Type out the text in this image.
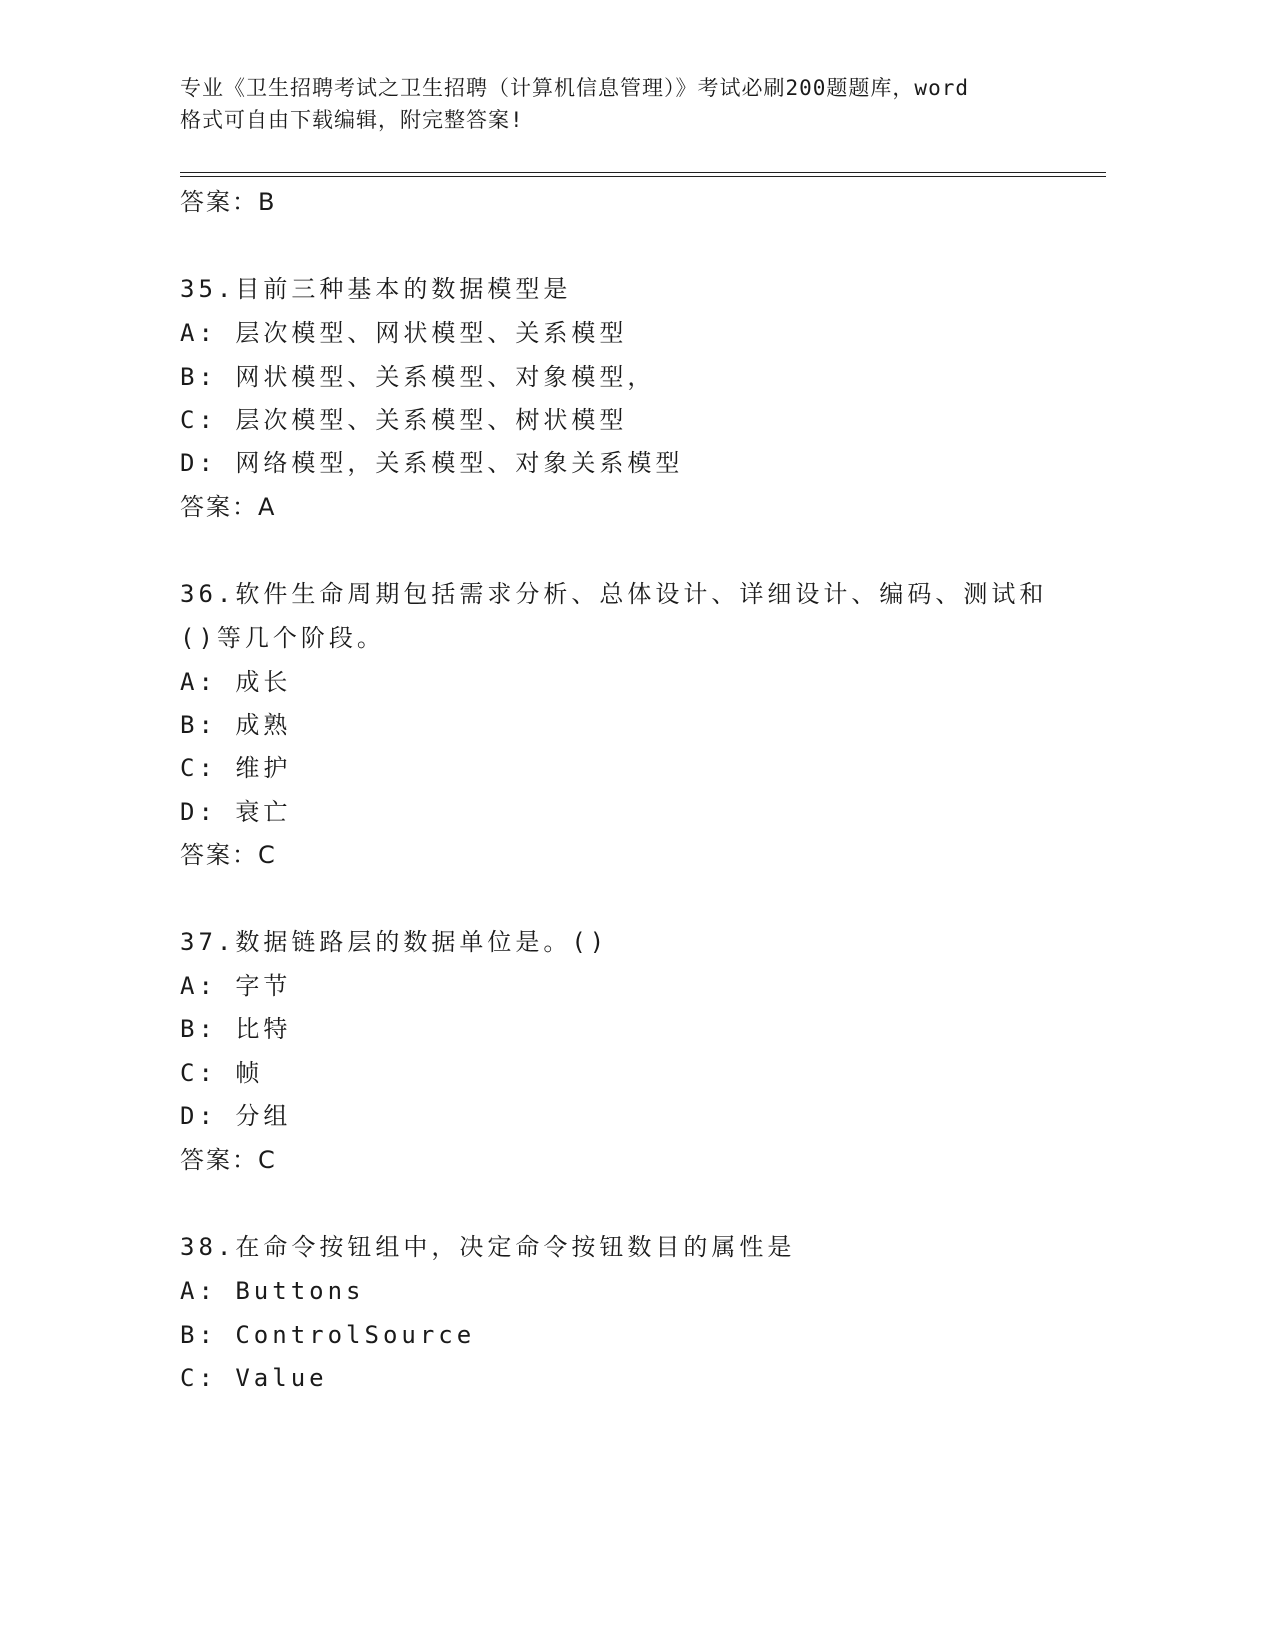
专业《卫生招聘考试之卫生招聘（计算机信息管理）》考试必刷200题题库，word
格式可自由下载编辑，附完整答案!
答案：B
35.目前三种基本的数据模型是
A: 层次模型、网状模型、关系模型
B: 网状模型、关系模型、对象模型，
C: 层次模型、关系模型、树状模型
D: 网络模型，关系模型、对象关系模型
答案：A
36.软件生命周期包括需求分析、总体设计、详细设计、编码、测试和
()等几个阶段。
A: 成长
B: 成熟
C: 维护
D: 衰亡
答案：C
37.数据链路层的数据单位是。()
A: 字节
B: 比特
C: 帧
D: 分组
答案：C
38.在命令按钮组中，决定命令按钮数目的属性是
A: Buttons
B: ControlSource
C: Value
